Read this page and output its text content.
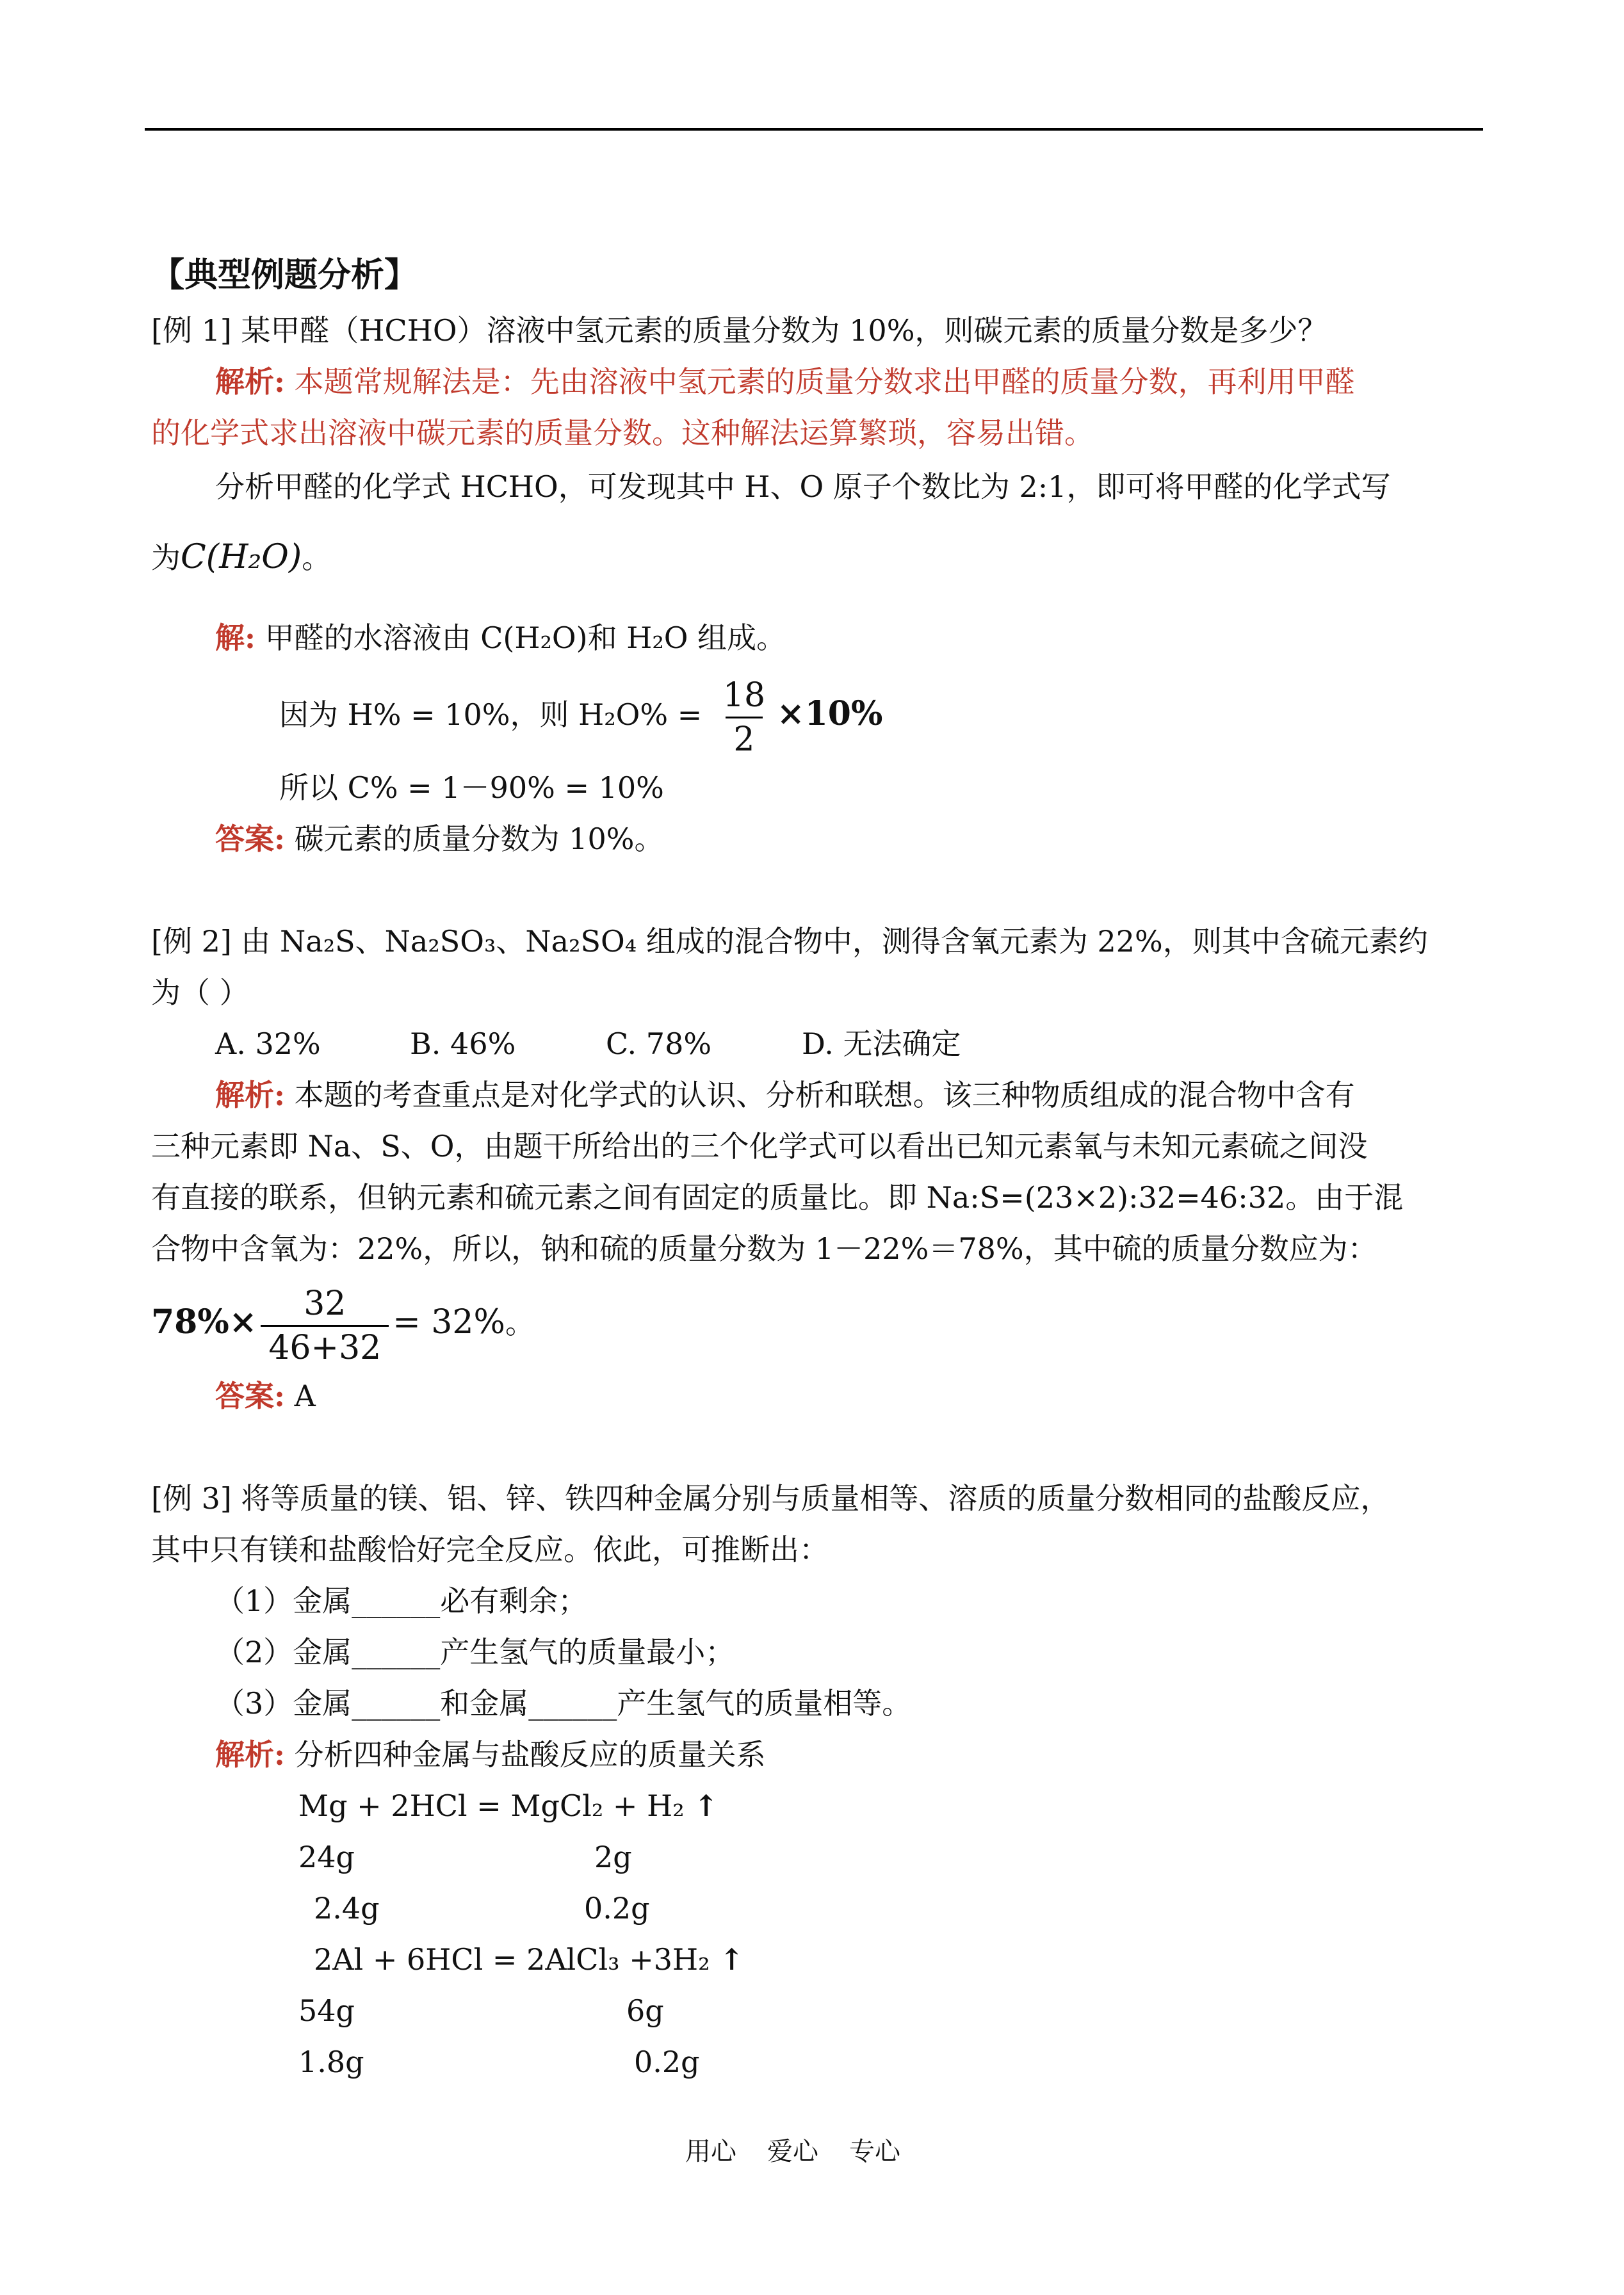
【典型例题分析】
[例 1] 某甲醛（HCHO）溶液中氢元素的质量分数为 10%，则碳元素的质量分数是多少？
解析: 本题常规解法是：先由溶液中氢元素的质量分数求出甲醛的质量分数，再利用甲醛
的化学式求出溶液中碳元素的质量分数。这种解法运算繁琐，容易出错。
分析甲醛的化学式 HCHO，可发现其中 H、O 原子个数比为 2:1，即可将甲醛的化学式写
为C(H₂O)。
解: 甲醛的水溶液由 C(H₂O)和 H₂O 组成。
因为 H% = 10%，则 $H_2O\% = \frac{18}{2} \times 10\%$
所以 C% = 1－90% = 10%
答案: 碳元素的质量分数为 10%。
[例 2] 由 Na₂S、Na₂SO₃、Na₂SO₄ 组成的混合物中，测得含氧元素为 22%，则其中含硫元素约
为（ ）
A. 32%	B. 46%	C. 78%	D. 无法确定
解析: 本题的考查重点是对化学式的认识、分析和联想。该三种物质组成的混合物中含有
三种元素即 Na、S、O，由题干所给出的三个化学式可以看出已知元素氧与未知元素硫之间没
有直接的联系，但钠元素和硫元素之间有固定的质量比。即 Na:S=(23×2):32=46:32。由于混
合物中含氧为：22%，所以，钠和硫的质量分数为 1－22%＝78%，其中硫的质量分数应为：
$78\%\times \frac{32}{46+32} = 32\%$。
答案: A
[例 3] 将等质量的镁、铝、锌、铁四种金属分别与质量相等、溶质的质量分数相同的盐酸反应，
其中只有镁和盐酸恰好完全反应。依此，可推断出：
（1）金属______必有剩余；
（2）金属______产生氢气的质量最小；
（3）金属______和金属______产生氢气的质量相等。
解析: 分析四种金属与盐酸反应的质量关系
Mg + 2HCl = MgCl₂ + H₂ ↑
24g	2g
2.4g	0.2g
2Al + 6HCl = 2AlCl₃ +3H₂ ↑
54g	6g
1.8g	0.2g
用心 爱心 专心
